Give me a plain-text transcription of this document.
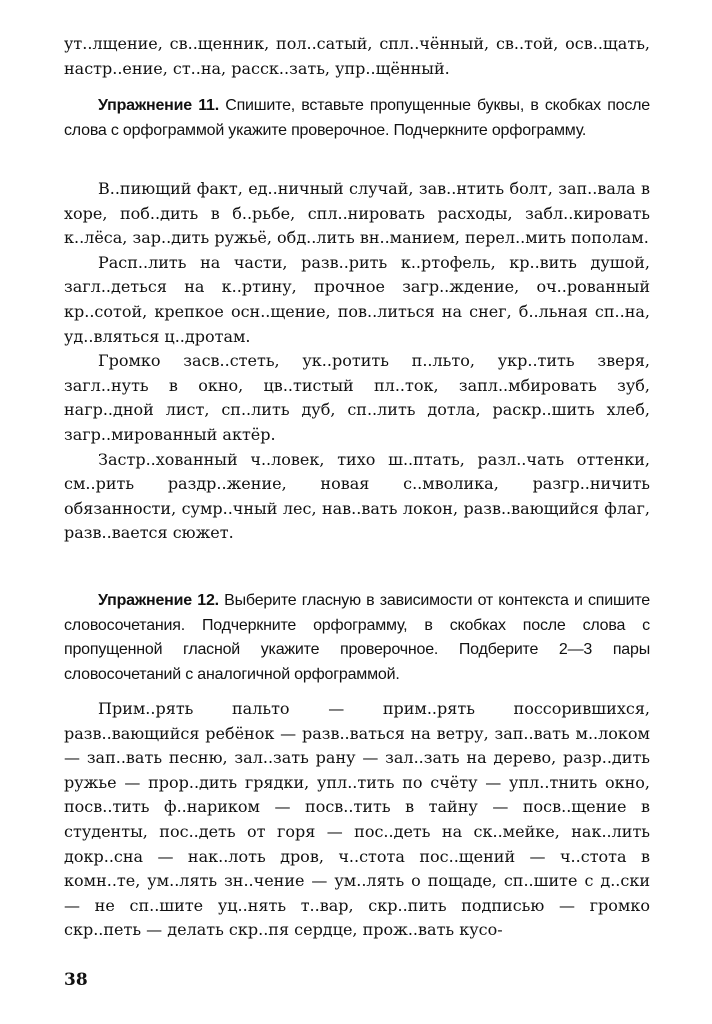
ут..лщение, св..щенник, пол..сатый, спл..чённый, св..той, осв..щать, настр..ение, ст..на, расск..зать, упр..щённый.

Упражнение 11. Спишите, вставьте пропущенные буквы, в скобках после слова с орфограммой укажите проверочное. Подчеркните орфограмму.

В..пиющий факт, ед..ничный случай, зав..нтить болт, зап..вала в хоре, поб..дить в б..рьбе, спл..нировать расходы, забл..кировать к..лёса, зар..дить ружьё, обд..лить вн..манием, перел..мить пополам.

Расп..лить на части, разв..рить к..ртофель, кр..вить душой, загл..деться на к..ртину, прочное загр..ждение, оч..рованный кр..сотой, крепкое осн..щение, пов..литься на снег, б..льная сп..на, уд..вляться ц..дротам.

Громко засв..стеть, ук..ротить п..льто, укр..тить зверя, загл..нуть в окно, цв..тистый пл..ток, запл..мбировать зуб, нагр..дной лист, сп..лить дуб, сп..лить дотла, раскр..шить хлеб, загр..мированный актёр.

Застр..хованный ч..ловек, тихо ш..птать, разл..чать оттенки, см..рить раздр..жение, новая с..мволика, разгр..ничить обязанности, сумр..чный лес, нав..вать локон, разв..вающийся флаг, разв..вается сюжет.

Упражнение 12. Выберите гласную в зависимости от контекста и спишите словосочетания. Подчеркните орфограмму, в скобках после слова с пропущенной гласной укажите проверочное. Подберите 2—3 пары словосочетаний с аналогичной орфограммой.

Прим..рять пальто — прим..рять поссорившихся, разв..вающийся ребёнок — разв..ваться на ветру, зап..вать м..локом — зап..вать песню, зал..зать рану — зал..зать на дерево, разр..дить ружье — прор..дить грядки, упл..тить по счёту — упл..тнить окно, посв..тить ф..нариком — посв..тить в тайну — посв..щение в студенты, пос..деть от горя — пос..деть на ск..мейке, нак..лить докр..сна — нак..лоть дров, ч..стота пос..щений — ч..стота в комн..те, ум..лять зн..чение — ум..лять о пощаде, сп..шите с д..ски — не сп..шите уц..нять т..вар, скр..пить подписью — громко скр..петь — делать скр..пя сердце, прож..вать кусо-

38
